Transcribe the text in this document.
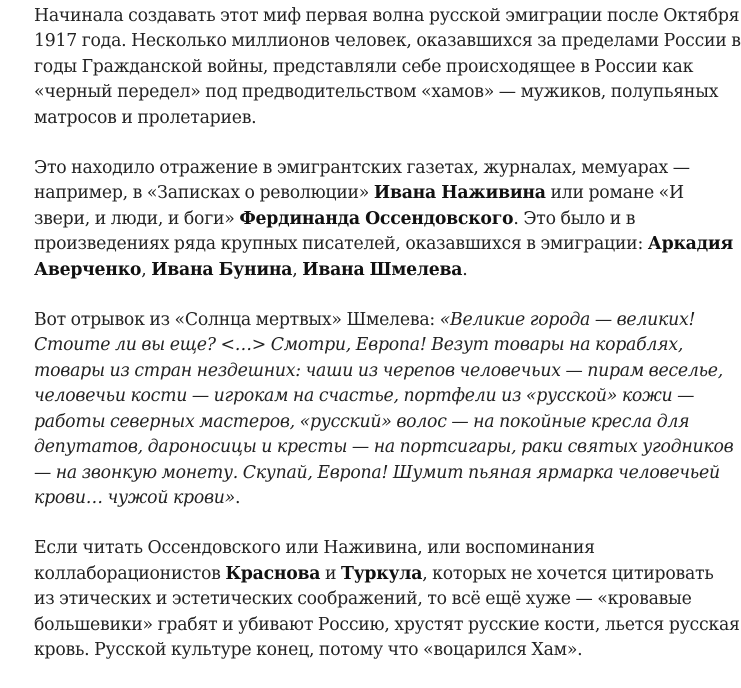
Начинала создавать этот миф первая волна русской эмиграции после Октября
1917 года. Несколько миллионов человек, оказавшихся за пределами России в
годы Гражданской войны, представляли себе происходящее в России как
«черный передел» под предводительством «хамов» — мужиков, полупьяных
матросов и пролетариев.

Это находило отражение в эмигрантских газетах, журналах, мемуарах —
например, в «Записках о революции» Ивана Наживина или романе «И
звери, и люди, и боги» Фердинанда Оссендовского. Это было и в
произведениях ряда крупных писателей, оказавшихся в эмиграции: Аркадия
Аверченко, Ивана Бунина, Ивана Шмелева.

Вот отрывок из «Солнца мертвых» Шмелева: «Великие города — великих!
Стоите ли вы еще? <…> Смотри, Европа! Везут товары на кораблях,
товары из стран нездешних: чаши из черепов человечьих — пирам веселье,
человечьи кости — игрокам на счастье, портфели из «русской» кожи —
работы северных мастеров, «русский» волос — на покойные кресла для
депутатов, дароносицы и кресты — на портсигары, раки святых угодников
— на звонкую монету. Скупай, Европа! Шумит пьяная ярмарка человечьей
крови… чужой крови».

Если читать Оссендовского или Наживина, или воспоминания
коллаборационистов Краснова и Туркула, которых не хочется цитировать
из этических и эстетических соображений, то всё ещё хуже — «кровавые
большевики» грабят и убивают Россию, хрустят русские кости, льется русская
кровь. Русской культуре конец, потому что «воцарился Хам».
